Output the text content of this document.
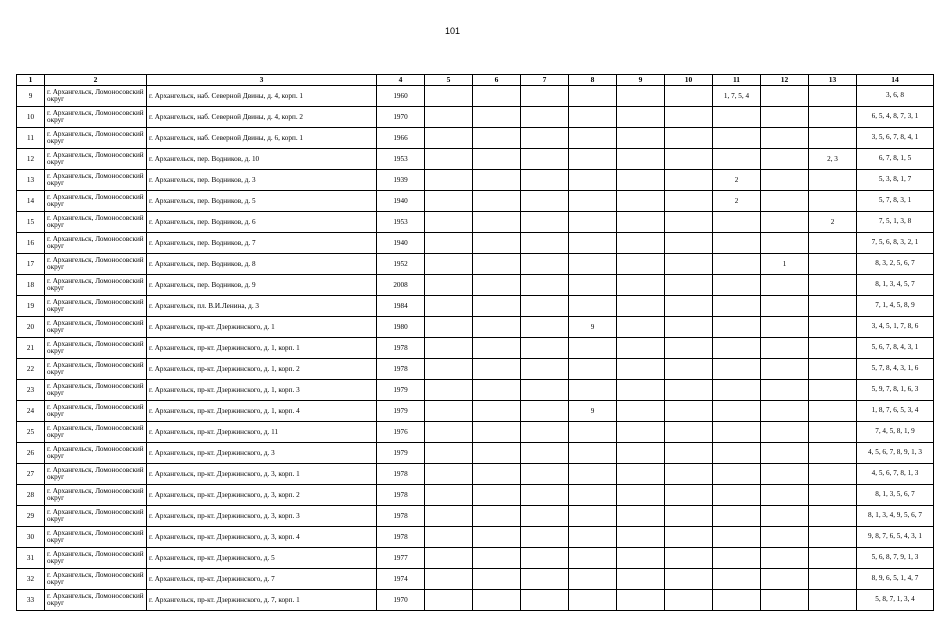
101
1	2	3	4	5	6	7	8	9	10	11	12	13	14
9	г. Архангельск, Ломоносовский округ	г. Архангельск, наб. Северной Двины, д. 4, корп. 1	1960							1, 7, 5, 4			3, 6, 8
10	г. Архангельск, Ломоносовский округ	г. Архангельск, наб. Северной Двины, д. 4, корп. 2	1970										6, 5, 4, 8, 7, 3, 1
11	г. Архангельск, Ломоносовский округ	г. Архангельск, наб. Северной Двины, д. 6, корп. 1	1966										3, 5, 6, 7, 8, 4, 1
12	г. Архангельск, Ломоносовский округ	г. Архангельск, пер. Водников, д. 10	1953									2, 3	6, 7, 8, 1, 5
13	г. Архангельск, Ломоносовский округ	г. Архангельск, пер. Водников, д. 3	1939							2			5, 3, 8, 1, 7
14	г. Архангельск, Ломоносовский округ	г. Архангельск, пер. Водников, д. 5	1940							2			5, 7, 8, 3, 1
15	г. Архангельск, Ломоносовский округ	г. Архангельск, пер. Водников, д. 6	1953									2	7, 5, 1, 3, 8
16	г. Архангельск, Ломоносовский округ	г. Архангельск, пер. Водников, д. 7	1940										7, 5, 6, 8, 3, 2, 1
17	г. Архангельск, Ломоносовский округ	г. Архангельск, пер. Водников, д. 8	1952								1		8, 3, 2, 5, 6, 7
18	г. Архангельск, Ломоносовский округ	г. Архангельск, пер. Водников, д. 9	2008										8, 1, 3, 4, 5, 7
19	г. Архангельск, Ломоносовский округ	г. Архангельск, пл. В.И.Ленина, д. 3	1984										7, 1, 4, 5, 8, 9
20	г. Архангельск, Ломоносовский округ	г. Архангельск, пр-кт. Дзержинского, д. 1	1980				9						3, 4, 5, 1, 7, 8, 6
21	г. Архангельск, Ломоносовский округ	г. Архангельск, пр-кт. Дзержинского, д. 1, корп. 1	1978										5, 6, 7, 8, 4, 3, 1
22	г. Архангельск, Ломоносовский округ	г. Архангельск, пр-кт. Дзержинского, д. 1, корп. 2	1978										5, 7, 8, 4, 3, 1, 6
23	г. Архангельск, Ломоносовский округ	г. Архангельск, пр-кт. Дзержинского, д. 1, корп. 3	1979										5, 9, 7, 8, 1, 6, 3
24	г. Архангельск, Ломоносовский округ	г. Архангельск, пр-кт. Дзержинского, д. 1, корп. 4	1979				9						1, 8, 7, 6, 5, 3, 4
25	г. Архангельск, Ломоносовский округ	г. Архангельск, пр-кт. Дзержинского, д. 11	1976										7, 4, 5, 8, 1, 9
26	г. Архангельск, Ломоносовский округ	г. Архангельск, пр-кт. Дзержинского, д. 3	1979										4, 5, 6, 7, 8, 9, 1, 3
27	г. Архангельск, Ломоносовский округ	г. Архангельск, пр-кт. Дзержинского, д. 3, корп. 1	1978										4, 5, 6, 7, 8, 1, 3
28	г. Архангельск, Ломоносовский округ	г. Архангельск, пр-кт. Дзержинского, д. 3, корп. 2	1978										8, 1, 3, 5, 6, 7
29	г. Архангельск, Ломоносовский округ	г. Архангельск, пр-кт. Дзержинского, д. 3, корп. 3	1978										8, 1, 3, 4, 9, 5, 6, 7
30	г. Архангельск, Ломоносовский округ	г. Архангельск, пр-кт. Дзержинского, д. 3, корп. 4	1978										9, 8, 7, 6, 5, 4, 3, 1
31	г. Архангельск, Ломоносовский округ	г. Архангельск, пр-кт. Дзержинского, д. 5	1977										5, 6, 8, 7, 9, 1, 3
32	г. Архангельск, Ломоносовский округ	г. Архангельск, пр-кт. Дзержинского, д. 7	1974										8, 9, 6, 5, 1, 4, 7
33	г. Архангельск, Ломоносовский округ	г. Архангельск, пр-кт. Дзержинского, д. 7, корп. 1	1970										5, 8, 7, 1, 3, 4
